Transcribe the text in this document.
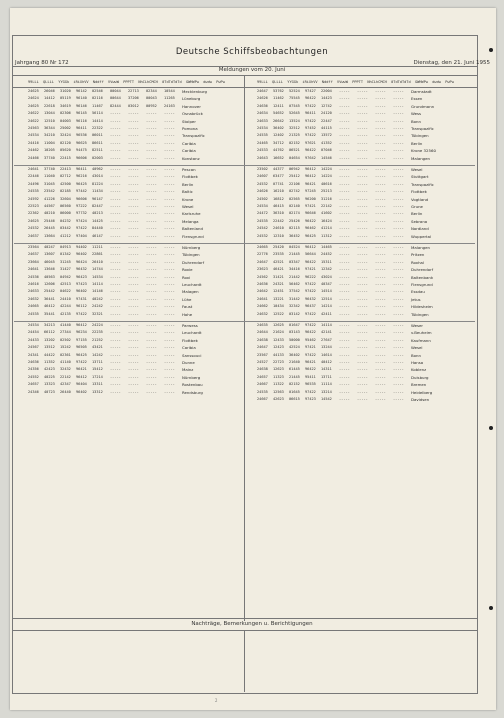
Deutsche Schiffsbeobachtungen
Jahrgang 80 Nr 172	Dienstag, den 21. Juni 1955
Meldungen vom 20. Juni
99LLL  QLLLL  YYGGk  iRiXhVV  Nddff  VVwwW  PPPTT  NhCLhCMCH  0TdTdTdTd  GWHWPw  dwdw  PwPw	99LLL  QLLLL  YYGGk  iRiXhVV  Nddff  VVwwW  PPPTT  NhCLhCMCH  0TdTdTdTd  GWHWPw  dwdw  PwPw
Nachträge, Bemerkungen u. Berichtigungen
24625 26046 31020 96142 02546 00044 22713 02344 10544 Mecklenburg
24624 14412 05119 96140 02116 00644 37206 00043 11265 Lüneburg
24625 22618 34619 96146 11467 82444 03012 00952 24163 Hannover
24622 13044 02306 96145 56114 ----- ----- ----- ----- Osnabrück
24622 12510 04003 96116 14414 ----- ----- ----- ----- Stolper
24563 36344 25002 96411 22322 ----- ----- ----- ----- Pomona
24534 34210 32424 96536 06011 ----- ----- ----- ----- Transpazific
24416 11004 02120 96625 86611 ----- ----- ----- ----- Caribia
24462 10205 05620 94475 82511 ----- ----- ----- ----- Caribia
24466 37740 22415 96606 02003 ----- ----- ----- ----- Konstanz
24641 37740 22413 96411 40962 ----- ----- ----- ----- Pescan
22446 11040 02712 96216 43014 ----- ----- ----- ----- Flottbek
24496 31045 42500 96425 81224 ----- ----- ----- ----- Berlin
24535 23542 02185 97442 11434 ----- ----- ----- ----- Baltic
24592 41226 32604 96606 96147 ----- ----- ----- ----- Krone
22523 44567 06560 97222 82447 ----- ----- ----- ----- Wesel
22362 40210 06000 97732 40213 ----- ----- ----- ----- Karlsruhe
24625 25446 04232 97424 14425 ----- ----- ----- ----- Melanga
24532 26445 03442 97422 84440 ----- ----- ----- ----- Baltenland
24637 13664 41212 97404 46147 ----- ----- ----- ----- Flensgrund
23564 40247 04913 94402 11211 ----- ----- ----- ----- Nürnberg
24637 13607 01342 96402 22861 ----- ----- ----- ----- Tübingen
23664 46045 31245 96424 26410 ----- ----- ----- ----- Duhrendorf
24641 13646 31427 96432 14744 ----- ----- ----- ----- Roxie
24536 40563 04942 96423 14534 ----- ----- ----- ----- Roxi
24616 12606 42513 97423 14114 ----- ----- ----- ----- Leuchardt
24633 25442 04622 96402 14146 ----- ----- ----- ----- Malagen
24632 36441 24410 97431 40242 ----- ----- ----- ----- Lühe
24665 46412 42244 96112 24242 ----- ----- ----- ----- Faust
24535 35441 42135 97422 32321 ----- ----- ----- ----- Hohe
24534 34213 41440 96412 24224 ----- ----- ----- ----- Parwess
24454 66112 27344 96234 22235 ----- ----- ----- ----- Leuchardt
24433 13202 02502 97155 21252 ----- ----- ----- ----- Flottbek
24567 13512 15242 96505 43421 ----- ----- ----- ----- Caribia
24341 44422 02361 96425 14242 ----- ----- ----- ----- Sanssouci
24636 11352 41140 97422 13711 ----- ----- ----- ----- Dunne
24356 42423 32432 96421 15412 ----- ----- ----- ----- Mainz
24552 40225 22142 96412 17214 ----- ----- ----- ----- Nürnberg
24657 13323 42347 96404 13311 ----- ----- ----- ----- Rostenbau
24346 40723 26440 96402 13312 ----- ----- ----- ----- Rendsburg
24647 53762 52524 97427 22004 ----- ----- ----- ----- Darmstadt
24626 11462 75545 96422 14423 ----- ----- ----- ----- Essen
24636 12411 07545 97422 12742 ----- ----- ----- ----- Grundmann
24634 54652 52645 96411 24120 ----- ----- ----- ----- Wess
24633 26642 13524 97422 22447 ----- ----- ----- ----- Bonn
24534 36402 32512 97452 44115 ----- ----- ----- ----- Transpazific
24535 12402 21325 97422 13572 ----- ----- ----- ----- Tübingen
24465 34712 02152 97621 41352 ----- ----- ----- ----- Berlin
24533 44762 06521 96422 07046 ----- ----- ----- ----- Krone 32560
24643 16652 04654 97642 14546 ----- ----- ----- ----- Malangen
23502 44377 06942 96412 14224 ----- ----- ----- ----- Wesel
24607 63477 25412 96412 14224 ----- ----- ----- ----- Stuttgart
24532 07741 22106 96421 40616 ----- ----- ----- ----- Transpazific
24626 16210 02742 97245 25213 ----- ----- ----- ----- Flottbek
24502 16812 02565 96200 31216 ----- ----- ----- ----- Vogtland
24534 46415 02140 97421 22142 ----- ----- ----- ----- Grune
24472 36310 02174 96646 41602 ----- ----- ----- ----- Berlin
24535 22442 25426 96422 16424 ----- ----- ----- ----- Sebrana
24542 24610 02115 96462 41214 ----- ----- ----- ----- Nordland
24532 12310 36452 96425 11312 ----- ----- ----- ----- Wuppertal
24665 25420 04524 96412 14465 ----- ----- ----- ----- Malangen
22776 23535 21445 56644 24452 ----- ----- ----- ----- Pritzen
24647 42521 03347 96422 15311 ----- ----- ----- ----- Roxhal
23623 46421 34416 97421 12342 ----- ----- ----- ----- Duhrendorf
24562 31421 21442 96222 43024 ----- ----- ----- ----- Baltenbank
24636 24321 56462 97422 40347 ----- ----- ----- ----- Flensgrund
24642 12451 37542 97422 14514 ----- ----- ----- ----- Essdau
24641 13221 31442 96432 12514 ----- ----- ----- ----- Jetus
24662 10434 32342 96437 14214 ----- ----- ----- ----- Hildesheim
24632 12522 03142 97422 42411 ----- ----- ----- ----- Tübingen
24635 12625 01647 97422 14114 ----- ----- ----- ----- Weser
24644 21624 03143 96422 42141 ----- ----- ----- ----- v.Beuheim
24638 12433 50000 95462 27647 ----- ----- ----- ----- Kaufmann
24647 12423 42524 97421 13244 ----- ----- ----- ----- Wesel
23567 44133 36402 97422 14614 ----- ----- ----- ----- Bonn
24527 22723 21640 96421 40412 ----- ----- ----- ----- Hansa
24638 12623 61445 96422 14311 ----- ----- ----- ----- Koblenz
24657 11323 21445 95411 13711 ----- ----- ----- ----- Duisburg
24667 11322 02152 96535 11114 ----- ----- ----- ----- Bremen
24535 12563 01645 97422 13214 ----- ----- ----- ----- Heidelberg
24667 42623 06615 97423 14542 ----- ----- ----- ----- Davidsen
2
